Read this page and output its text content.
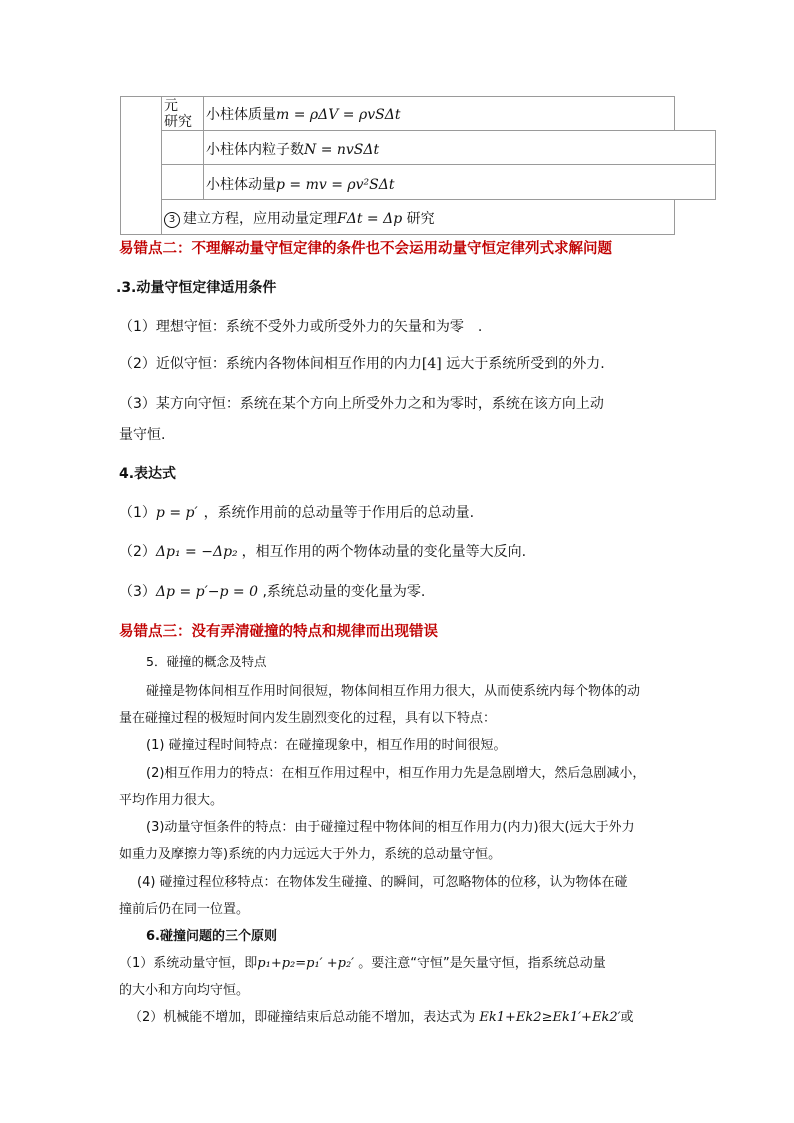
元　研究	小柱体质量m = ρΔV = ρvSΔt
小柱体内粒子数N = nvSΔt
小柱体动量p = mv = ρv²SΔt
3 建立方程，应用动量定理FΔt = Δp 研究
易错点二：不理解动量守恒定律的条件也不会运用动量守恒定律列式求解问题
.3.动量守恒定律适用条件
（1）理想守恒：系统不受外力或所受外力的矢量和为零　.
（2）近似守恒：系统内各物体间相互作用的内力[4] 远大于系统所受到的外力.
（3）某方向守恒：系统在某个方向上所受外力之和为零时，系统在该方向上动
量守恒.
4.表达式
（1）p = p′ ，系统作用前的总动量等于作用后的总动量.
（2）Δp₁ = −Δp₂ ，相互作用的两个物体动量的变化量等大反向.
（3）Δp = p′−p = 0 ,系统总动量的变化量为零.
易错点三：没有弄清碰撞的特点和规律而出现错误
5．碰撞的概念及特点
碰撞是物体间相互作用时间很短，物体间相互作用力很大，从而使系统内每个物体的动
量在碰撞过程的极短时间内发生剧烈变化的过程，具有以下特点：
(1) 碰撞过程时间特点：在碰撞现象中，相互作用的时间很短。
(2)相互作用力的特点：在相互作用过程中，相互作用力先是急剧增大，然后急剧减小，
平均作用力很大。
(3)动量守恒条件的特点：由于碰撞过程中物体间的相互作用力(内力)很大(远大于外力
如重力及摩擦力等)系统的内力远远大于外力，系统的总动量守恒。
(4) 碰撞过程位移特点：在物体发生碰撞、的瞬间，可忽略物体的位移，认为物体在碰
撞前后仍在同一位置。
6.碰撞问题的三个原则
（1）系统动量守恒，即p₁+p₂=p₁′ +p₂′ 。要注意“守恒”是矢量守恒，指系统总动量
的大小和方向均守恒。
（2）机械能不增加，即碰撞结束后总动能不增加，表达式为 Ek1+Ek2≥Ek1′+Ek2′或
